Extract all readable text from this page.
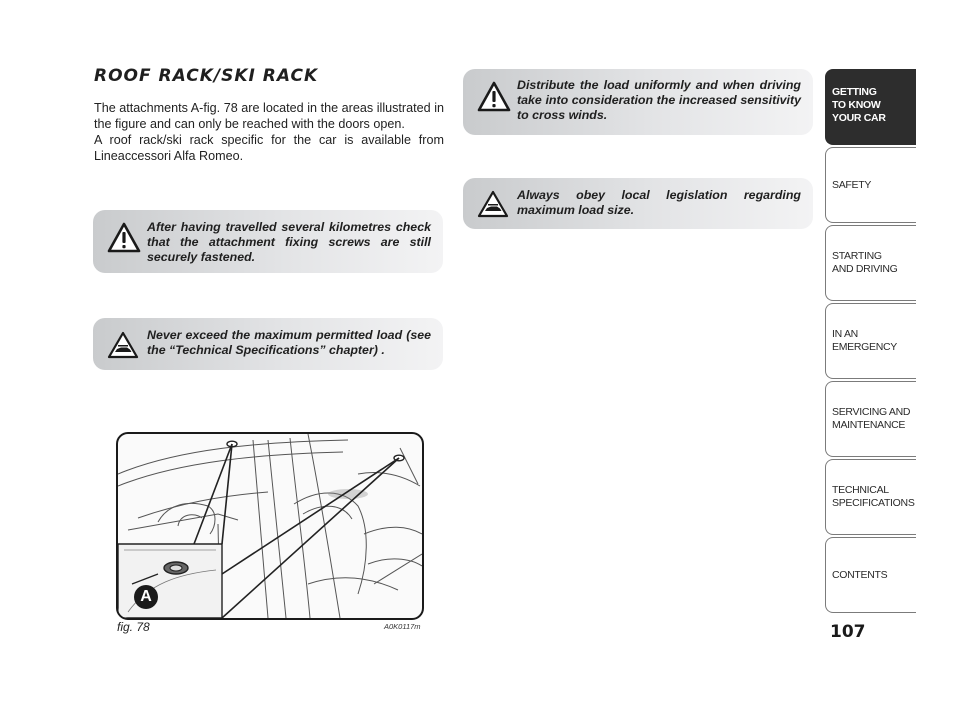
ROOF RACK/SKI RACK

The attachments A-fig. 78 are located in the areas illustrated in the figure and can only be reached with the doors open.

A roof rack/ski rack specific for the car is available from Lineaccessori Alfa Romeo.

After having travelled several kilometres check that the attachment fixing screws are still securely fastened.
Never exceed the maximum permitted load (see the “Technical Specifications” chapter) .
Distribute the load uniformly and when driving take into consideration the increased sensitivity to cross winds.
Always obey local legislation regarding maximum load size.
A
fig. 78	A0K0117m
GETTING
TO KNOW
YOUR CAR
SAFETY
STARTING
AND DRIVING
IN AN
EMERGENCY
SERVICING AND
MAINTENANCE
TECHNICAL
SPECIFICATIONS
CONTENTS
107
